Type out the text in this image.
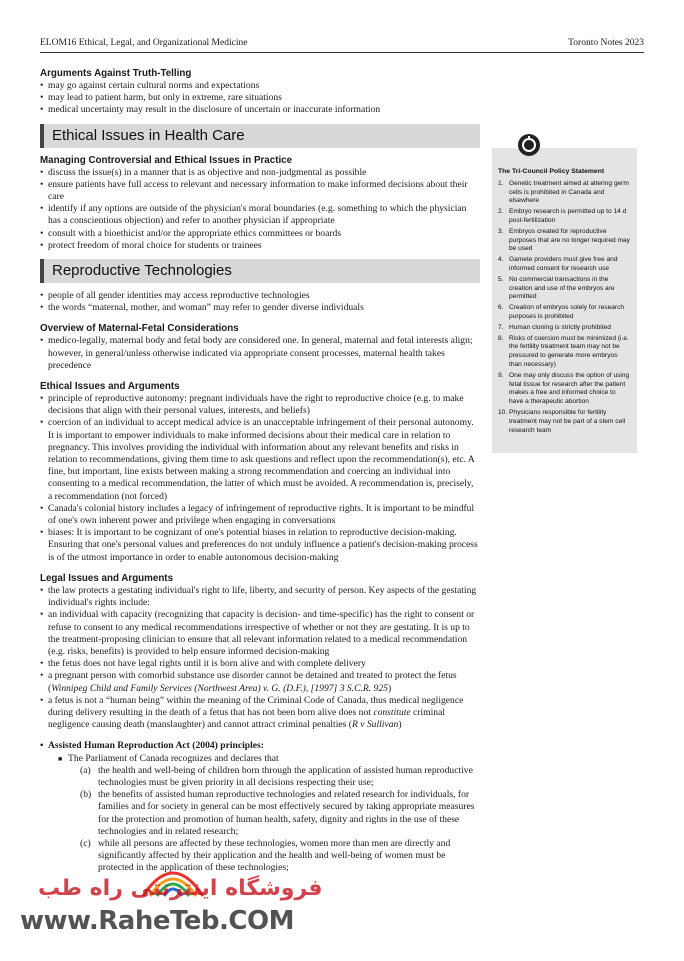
ELOM16 Ethical, Legal, and Organizational Medicine	Toronto Notes 2023

Arguments Against Truth-Telling

• may go against certain cultural norms and expectations
• may lead to patient harm, but only in extreme, rare situations
• medical uncertainty may result in the disclosure of uncertain or inaccurate information
Ethical Issues in Health Care

Managing Controversial and Ethical Issues in Practice

• discuss the issue(s) in a manner that is as objective and non-judgmental as possible
• ensure patients have full access to relevant and necessary information to make informed decisions about their care
• identify if any options are outside of the physician's moral boundaries (e.g. something to which the physician has a conscientious objection) and refer to another physician if appropriate
• consult with a bioethicist and/or the appropriate ethics committees or boards
• protect freedom of moral choice for students or trainees
Reproductive Technologies
• people of all gender identities may access reproductive technologies
• the words “maternal, mother, and woman” may refer to gender diverse individuals

Overview of Maternal-Fetal Considerations

• medico-legally, maternal body and fetal body are considered one. In general, maternal and fetal interests align; however, in general/unless otherwise indicated via appropriate consent processes, maternal health takes precedence

Ethical Issues and Arguments

• principle of reproductive autonomy: pregnant individuals have the right to reproductive choice (e.g. to make decisions that align with their personal values, interests, and beliefs)
• coercion of an individual to accept medical advice is an unacceptable infringement of their personal autonomy. It is important to empower individuals to make informed decisions about their medical care in relation to pregnancy. This involves providing the individual with information about any relevant benefits and risks in relation to recommendations, giving them time to ask questions and reflect upon the recommendation(s), etc. A fine, but important, line exists between making a strong recommendation and coercing an individual into consenting to a medical recommendation, the latter of which must be avoided. A recommendation is, precisely, a recommendation (not forced)
• Canada's colonial history includes a legacy of infringement of reproductive rights. It is important to be mindful of one's own inherent power and privilege when engaging in conversations
• biases: It is important to be cognizant of one's potential biases in relation to reproductive decision-making. Ensuring that one's personal values and preferences do not unduly influence a patient's decision-making process is of the utmost importance in order to enable autonomous decision-making

Legal Issues and Arguments

• the law protects a gestating individual's right to life, liberty, and security of person. Key aspects of the gestating individual's rights include:
• an individual with capacity (recognizing that capacity is decision- and time-specific) has the right to consent or refuse to consent to any medical recommendations irrespective of whether or not they are gestating. It is up to the treatment-proposing clinician to ensure that all relevant information related to a medical recommendation (e.g. risks, benefits) is provided to help ensure informed decision-making
• the fetus does not have legal rights until it is born alive and with complete delivery
• a pregnant person with comorbid substance use disorder cannot be detained and treated to protect the fetus (Winnipeg Child and Family Services (Northwest Area) v. G. (D.F.), [1997] 3 S.C.R. 925)
• a fetus is not a “human being” within the meaning of the Criminal Code of Canada, thus medical negligence during delivery resulting in the death of a fetus that has not been born alive does not constitute criminal negligence causing death (manslaughter) and cannot attract criminal penalties (R v Sullivan)
• Assisted Human Reproduction Act (2004) principles:
■ The Parliament of Canada recognizes and declares that
(a) the health and well-being of children born through the application of assisted human reproductive technologies must be given priority in all decisions respecting their use;
(b) the benefits of assisted human reproductive technologies and related research for individuals, for families and for society in general can be most effectively secured by taking appropriate measures for the protection and promotion of human health, safety, dignity and rights in the use of these technologies and in related research;
(c) while all persons are affected by these technologies, women more than men are directly and significantly affected by their application and the health and well-being of women must be protected in the application of these technologies;
The Tri-Council Policy Statement
1. Genetic treatment aimed at altering germ cells is prohibited in Canada and elsewhere
2. Embryo research is permitted up to 14 d post-fertilization
3. Embryos created for reproductive purposes that are no longer required may be used
4. Gamete providers must give free and informed consent for research use
5. No commercial transactions in the creation and use of the embryos are permitted
6. Creation of embryos solely for research purposes is prohibited
7. Human cloning is strictly prohibited
8. Risks of coercion must be minimized (i.e. the fertility treatment team may not be pressured to generate more embryos than necessary)
9. One may only discuss the option of using fetal tissue for research after the patient makes a free and informed choice to have a therapeutic abortion
10. Physicians responsible for fertility treatment may not be part of a stem cell research team
فروشگاه اینترنتی راه طب
www.RaheTeb.COM
